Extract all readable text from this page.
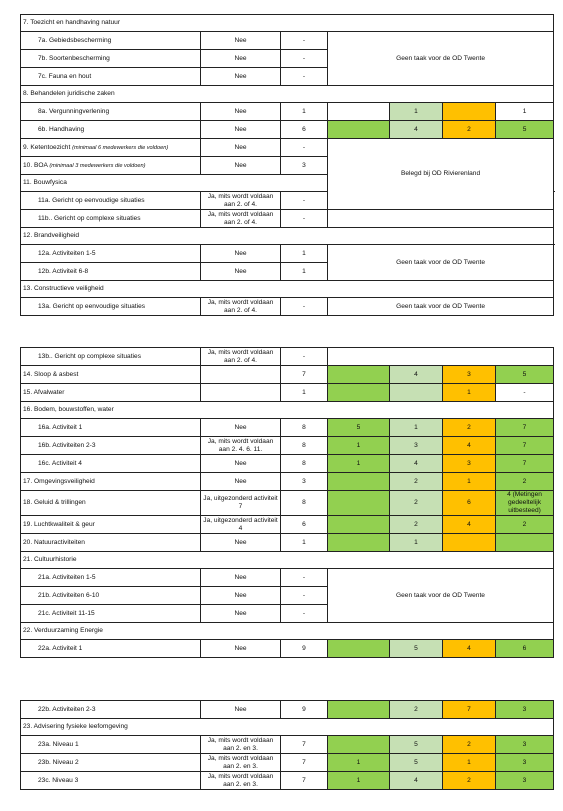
7. Toezicht en handhaving natuur							
7a. Gebiedsbescherming	Nee	-	Geen taak voor de OD Twente				
7b. Soortenbescherming	Nee	-					
7c. Fauna en hout	Nee	-					
8. Behandelen juridische zaken							
8a. Vergunningverlening	Nee	1		1		1	
6b. Handhaving	Nee	6		4	2	5	
9. Ketentoezicht (minimaal 6 medewerkers die voldoen)	Nee	-	Belegd bij OD Rivierenland				
10. BOA (minimaal 3 medewerkers die voldoen)	Nee	3				
11. Bouwfysica							
11a. Gericht op eenvoudige situaties	Ja, mits wordt voldaan aan 2. of 4.	-	
11b.. Gericht op complexe situaties	Ja, mits wordt voldaan aan 2. of 4.	-					
12. Brandveiligheid							
12a. Activiteiten 1-5	Nee	1	Geen taak voor de OD Twente				
12b. Activiteit 6-8	Nee	1					
13. Constructieve veiligheid							
13a. Gericht op eenvoudige situaties	Ja, mits wordt voldaan aan 2. of 4.	-	Geen taak voor de OD Twente				
13b.. Gericht op complexe situaties	Ja, mits wordt voldaan aan 2. of 4.	-				
14. Sloop & asbest		7		4	3	5
15. Afvalwater		1			1	-
16. Bodem, bouwstoffen, water						
16a. Activiteit 1	Nee	8	5	1	2	7
16b. Activiteiten 2-3	Ja, mits wordt voldaan aan 2. 4. 6. 11.	8	1	3	4	7
16c. Activiteit 4	Nee	8	1	4	3	7
17. Omgevingsveiligheid	Nee	3		2	1	2
18. Geluid & trillingen	Ja, uitgezonderd activiteit 7	8		2	6	4 (Metingen gedeeltelijk uitbesteed)
19. Luchtkwaliteit & geur	Ja, uitgezonderd activiteit 4	6		2	4	2
20. Natuuractiviteiten	Nee	1		1		
21. Cultuurhistorie						
21a. Activiteiten 1-5	Nee	-	Geen taak voor de OD Twente			
21b. Activiteiten 6-10	Nee	-				
21c. Activiteit 11-15	Nee	-				
22. Verduurzaming Energie						
22a. Activiteit 1	Nee	9		5	4	6
22b. Activiteiten 2-3	Nee	9		2	7	3
23. Advisering fysieke leefomgeving						
23a. Niveau 1	Ja, mits wordt voldaan aan 2. en 3.	7		5	2	3
23b. Niveau 2	Ja, mits wordt voldaan aan 2. en 3.	7	1	5	1	3
23c. Niveau 3	Ja, mits wordt voldaan aan 2. en 3.	7	1	4	2	3
